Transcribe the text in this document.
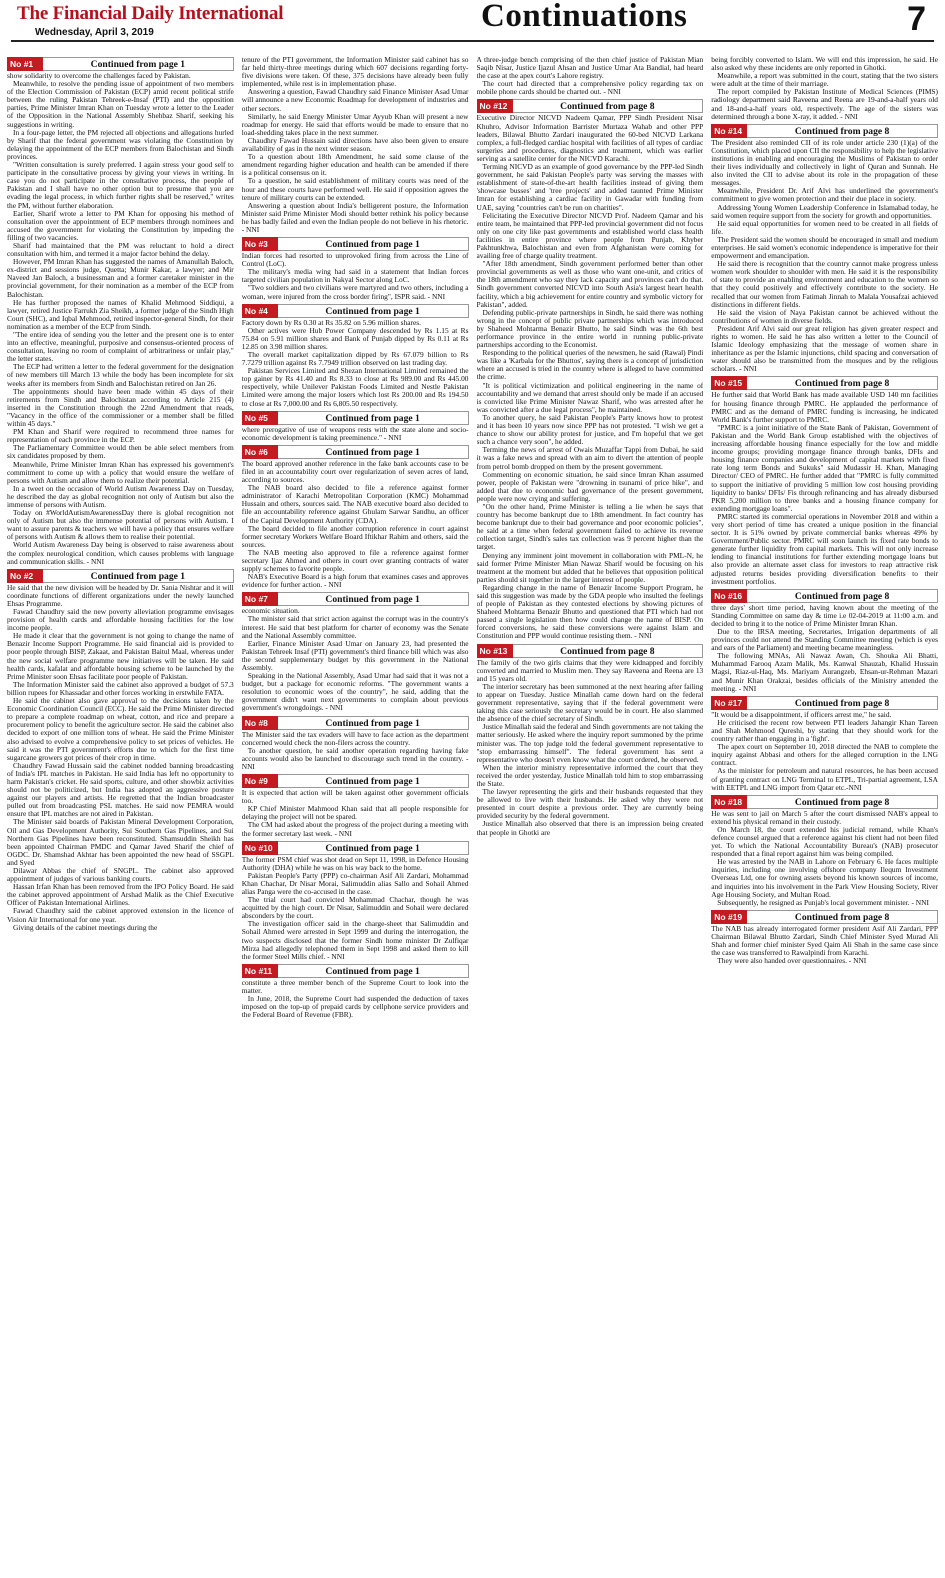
The Financial Daily International
Wednesday, April 3, 2019	Continuations	7
No #1	Continued from page 1

show solidarity to overcome the challenges faced by Pakistan.

Meanwhile, to resolve the pending issue of appointment of two members of the Election Commission of Pakistan (ECP) amid recent political strife between the ruling Pakistan Tehreek-e-Insaf (PTI) and the opposition parties, Prime Minister Imran Khan on Tuesday wrote a letter to the Leader of the Opposition in the National Assembly Shehbaz Sharif, seeking his suggestions in writing.

In a four-page letter, the PM rejected all objections and allegations hurled by Sharif that the federal government was violating the Constitution by delaying the appointment of the ECP members from Balochistan and Sindh provinces.

"Written consultation is surely preferred. I again stress your good self to participate in the consultative process by giving your views in writing. In case you do not participate in the consultative process, the people of Pakistan and I shall have no other option but to presume that you are evading the legal process, in which further rights shall be reserved," writes the PM, without further elaboration.

Earlier, Sharif wrote a letter to PM Khan for opposing his method of consultation over the appointment of ECP members through nominees and accused the government for violating the Constitution by impeding the filling of two vacancies.

Sharif had maintained that the PM was reluctant to hold a direct consultation with him, and termed it a major factor behind the delay.

However, PM Imran Khan has suggested the names of Amanullah Baloch, ex-district and sessions judge, Quetta; Munir Kakar, a lawyer; and Mir Naveed Jan Baloch, a businessman and a former caretaker minister in the provincial government, for their nomination as a member of the ECP from Balochistan.

He has further proposed the names of Khalid Mehmood Siddiqui, a lawyer, retired Justice Farrukh Zia Sheikh, a former judge of the Sindh High Court (SHC), and Iqbal Mehmood, retired inspector-general Sindh, for their nomination as a member of the ECP from Sindh.

"The entire idea of sending you the letter and the present one is to enter into an effective, meaningful, purposive and consensus-oriented process of consultation, leaving no room of complaint of arbitrariness or unfair play," the letter states.

The ECP had written a letter to the federal government for the designation of new members till March 13 while the body has been incomplete for six weeks after its members from Sindh and Balochistan retired on Jan 26.

The appointments should have been made within 45 days of their retirements from Sindh and Balochistan according to Article 215 (4) inserted in the Constitution through the 22nd Amendment that reads, "Vacancy in the office of the commissioner or a member shall be filled within 45 days."

PM Khan and Sharif were required to recommend three names for representation of each province in the ECP.

The Parliamentary Committee would then be able select members from six candidates proposed by them.

Meanwhile, Prime Minister Imran Khan has expressed his government's commitment to come up with a policy that would ensure the welfare of persons with Autism and allow them to realize their potential.

In a tweet on the occasion of World Autism Awareness Day on Tuesday, he described the day as global recognition not only of Autism but also the immense of persons with Autism.

Today on #WorldAutismAwarenessDay there is global recognition not only of Autism but also the immense potential of persons with Autism. I want to assure parents & teachers we will have a policy that ensures welfare of persons with Autism & allows them to realise their potential.

World Autism Awareness Day being is observed to raise awareness about the complex neurological condition, which causes problems with language and communication skills. - NNI

No #2	Continued from page 1

He said that the new division will be headed by Dr. Sania Nishtar and it will coordinate functions of different organizations under the newly launched Ehsas Programme.

Fawad Chaudhry said the new poverty alleviation programme envisages provision of health cards and affordable housing facilities for the low income people.

He made it clear that the government is not going to change the name of Benazir Income Support Programme. He said financial aid is provided to poor people through BISP, Zakaat, and Pakistan Baitul Maal, whereas under the new social welfare programme new initiatives will be taken. He said health cards, kafalat and affordable housing scheme to be launched by the Prime Minister soon Ehsas facilitate poor people of Pakistan.

The Information Minister said the cabinet also approved a budget of 57.3 billion rupees for Khassadar and other forces working in erstwhile FATA.

He said the cabinet also gave approval to the decisions taken by the Economic Coordination Council (ECC). He said the Prime Minister directed to prepare a complete roadmap on wheat, cotton, and rice and prepare a procurement policy to benefit the agriculture sector. He said the cabinet also decided to export of one million tons of wheat. He said the Prime Minister also advised to evolve a comprehensive policy to set prices of vehicles. He said it was the PTI government's efforts due to which for the first time sugarcane growers got prices of their crop in time.

Chaudhry Fawad Hussain said the cabinet nodded banning broadcasting of India's IPL matches in Pakistan. He said India has left no opportunity to harm Pakistan's cricket. He said sports, culture, and other showbiz activities should not be politicized, but India has adopted an aggressive posture against our players and artists. He regretted that the Indian broadcaster pulled out from broadcasting PSL matches. He said now PEMRA would ensure that IPL matches are not aired in Pakistan.

The Minister said boards of Pakistan Mineral Development Corporation, Oil and Gas Development Authority, Sui Southern Gas Pipelines, and Sui Northern Gas Pipelines have been reconstituted. Shamsuddin Sheikh has been appointed Chairman PMDC and Qamar Javed Sharif the chief of OGDC. Dr. Shamshad Akhtar has been appointed the new head of SSGPL and Syed

Dilawar Abbas the chief of SNGPL. The cabinet also approved appointment of judges of various banking courts.

Hassan Irfan Khan has been removed from the IPO Policy Board. He said the cabinet approved appointment of Arshad Malik as the Chief Executive Officer of Pakistan International Airlines.

Fawad Chaudhry said the cabinet approved extension in the licence of Vision Air International for one year.

Giving details of the cabinet meetings during the

tenure of the PTI government, the Information Minister said cabinet has so far held thirty-three meetings during which 607 decisions regarding forty-five divisions were taken. Of these, 375 decisions have already been fully implemented, while rest is in implementation phase.

Answering a question, Fawad Chaudhry said Finance Minister Asad Umar will announce a new Economic Roadmap for development of industries and other sectors.

Similarly, he said Energy Minister Umar Ayyub Khan will present a new roadmap for energy. He said that efforts would be made to ensure that no load-shedding takes place in the next summer.

Chaudhry Fawad Hussain said directions have also been given to ensure availability of gas in the next winter season.

To a question about 18th Amendment, he said some clause of the amendment regarding higher education and health can be amended if there is a political consensus on it.

To a question, he said establishment of military courts was need of the hour and these courts have performed well. He said if opposition agrees the tenure of military courts can be extended.

Answering a question about India's belligerent posture, the Information Minister said Prime Minister Modi should better rethink his policy because he has badly failed and even the Indian people do not believe in his rhetoric. - NNI

No #3	Continued from page 1

Indian forces had resorted to unprovoked firing from across the Line of Control (LoC).

The military's media wing had said in a statement that Indian forces targeted civilian population in Nakyal Sector along LoC.

"Two soldiers and two civilians were martyred and two others, including a woman, were injured from the cross border firing", ISPR said. - NNI

No #4	Continued from page 1

Factory down by Rs 0.30 at Rs 35.82 on 5.96 million shares.

Other actives were Hub Power Company descended by Rs 1.15 at Rs 75.84 on 5.91 million shares and Bank of Punjab dipped by Rs 0.11 at Rs 12.85 on 3.98 million shares.

The overall market capitalization dipped by Rs 67.079 billion to Rs 7.7279 trillion against Rs 7.7949 trillion observed on last trading day.

Pakistan Services Limited and Shezan International Limited remained the top gainer by Rs 41.40 and Rs 8.33 to close at Rs 989.00 and Rs 445.00 respectively, while Unilever Pakistan Foods Limited and Nestle Pakistan Limited were among the major losers which lost Rs 200.00 and Rs 194.50 to close at Rs 7,000.00 and Rs 6,805.50 respectively.

No #5	Continued from page 1

where prerogative of use of weapons rests with the state alone and socio-economic development is taking preeminence." - NNI

No #6	Continued from page 1

The board approved another reference in the fake bank accounts case to be filed in an accountability court over regularization of seven acres of land, according to sources.

The NAB board also decided to file a reference against former administrator of Karachi Metropolitan Corporation (KMC) Mohammad Hussain and others, sources said. The NAB executive board also decided to file an accountability reference against Ghulam Sarwar Sandhu, an officer of the Capital Development Authority (CDA).

The board decided to file another corruption reference in court against former secretary Workers Welfare Board Iftikhar Rahim and others, said the sources.

The NAB meeting also approved to file a reference against former secretary Ijaz Ahmed and others in court over granting contracts of water supply schemes to favorite people.

NAB's Executive Board is a high forum that examines cases and approves evidence for further action. - NNI

No #7	Continued from page 1

economic situation.

The minister said that strict action against the corrupt was in the country's interest. He said that best platform for charter of economy was the Senate and the National Assembly committee.

Earlier, Finance Minister Asad Umar on January 23, had presented the Pakistan Tehreek Insaf (PTI) government's third finance bill which was also the second supplementary budget by this government in the National Assembly.

Speaking in the National Assembly, Asad Umar had said that it was not a budget, but a package for economic reforms. "The government wants a resolution to economic woes of the country", he said, adding that the government didn't want next governments to complain about previous government's wrongdoings. - NNI

No #8	Continued from page 1

The Minister said the tax evaders will have to face action as the department concerned would check the non-filers across the country.

To another question, he said another operation regarding having fake accounts would also be launched to discourage such trend in the country. - NNI

No #9	Continued from page 1

It is expected that action will be taken against other government officials too.

KP Chief Minister Mahmood Khan said that all people responsible for delaying the project will not be spared.

The CM had asked about the progress of the project during a meeting with the former secretary last week. - NNI

No #10	Continued from page 1

The former PSM chief was shot dead on Sept 11, 1998, in Defence Housing Authority (DHA) while he was on his way back to the home.

Pakistan People's Party (PPP) co-chairman Asif Ali Zardari, Mohammad Khan Chachar, Dr Nisar Morai, Salimuddin alias Sallo and Sohail Ahmed alias Panga were the co-accused in the case.

The trial court had convicted Mohammad Chachar, though he was acquitted by the high court. Dr Nisar, Salimuddin and Sohail were declared absconders by the court.

The investigation officer said in the charge-sheet that Salimuddin and Sohail Ahmed were arrested in Sept 1999 and during the interrogation, the two suspects disclosed that the former Sindh home minister Dr Zulfiqar Mirza had allegedly telephoned them in Sept 1998 and asked them to kill the former Steel Mills chief. - NNI

No #11	Continued from page 1

constitute a three member bench of the Supreme Court to look into the matter.

In June, 2018, the Supreme Court had suspended the deduction of taxes imposed on the top-up of prepaid cards by cellphone service providers and the Federal Board of Revenue (FBR).

A three-judge bench comprising of the then chief justice of Pakistan Mian Saqib Nisar, Justice Ijazul Ahsan and Justice Umar Ata Bandial, had heard the case at the apex court's Lahore registry.

The court had directed that a comprehensive policy regarding tax on mobile phone cards should be charted out. - NNI

No #12	Continued from page 8

Executive Director NICVD Nadeem Qamar, PPP Sindh President Nisar Khuhro, Advisor Information Barrister Murtaza Wahab and other PPP leaders, Bilawal Bhutto Zardari inaugurated the 60-bed NICVD Larkana complex, a full-fledged cardiac hospital with facilities of all types of cardiac surgeries and procedures, diagnostics and treatment, which was earlier serving as a satellite center for the NICVD Karachi.

Terming NICVD as an example of good governance by the PPP-led Sindh government, he said Pakistan People's party was serving the masses with establishment of state-of-the-art health facilities instead of giving them 'showcase busses' and 'tree projects' and added taunted Prime Minister Imran for establishing a cardiac facility in Gawadar with funding from UAE, saying "countries can't be run on charities".

Felicitating the Executive Director NICVD Prof. Nadeem Qamar and his entire team, he maintained that PPP-led provincial government did not focus only on one city like past governments and established world class health facilities in entire province where people from Punjab, Khyber Pakhtunkhwa, Balochistan and even from Afghanistan were coming for availing free of charge quality treatment.

"After 18th amendment, Sindh government performed better than other provincial governments as well as those who want one-unit, and critics of the 18th amendment who say they lack capacity and provinces can't do that. Sindh government converted NICVD into South Asia's largest heart health facility, which a big achievement for entire country and symbolic victory for Pakistan", added.

Defending public-private partnerships in Sindh, he said there was nothing wrong in the concept of public private partnerships which was introduced by Shaheed Mohtarma Benazir Bhutto, he said Sindh was the 6th best performance province in the entire world in running public-private partnerships according to the Economist.

Responding to the political queries of the newsmen, he said (Rawal) Pindi was like a 'Karbala for the Bhuttos', saying there is a concept of jurisdiction where an accused is tried in the country where is alleged to have committed the crime.

"It is political victimization and political engineering in the name of accountability and we demand that arrest should only be made if an accused is convicted like Prime Minister Nawaz Sharif, who was arrested after he was convicted after a due legal process", he maintained.

To another query, he said Pakistan People's Party knows how to protest and it has been 10 years now since PPP has not protested. "I wish we get a chance to show our ability protest for justice, and I'm hopeful that we get such a chance very soon", he added.

Terming the news of arrest of Owais Muzaffar Tappi from Dubai, he said it was a fake news and spread with an aim to divert the attention of people from petrol bomb dropped on them by the present government.

Commenting on economic situation, he said since Imran Khan assumed power, people of Pakistan were "drowning in tsunami of price hike", and added that due to economic bad governance of the present government, people were now crying and suffering.

"On the other hand, Prime Minister is telling a lie when he says that country has become bankrupt due to 18th amendment. In fact country has become bankrupt due to their bad governance and poor economic policies", he said at a time when federal government failed to achieve its revenue collection target, Sindh's sales tax collection was 9 percent higher than the target.

Denying any imminent joint movement in collaboration with PML-N, he said former Prime Minister Mian Nawaz Sharif would be focusing on his treatment at the moment but added that he believes that opposition political parties should sit together in the larger interest of people.

Regarding change in the name of Benazir Income Support Program, he said this suggestion was made by the GDA people who insulted the feelings of people of Pakistan as they contested elections by showing pictures of Shaheed Mohtarma Benazir Bhutto and questioned that PTI which had not passed a single legislation then how could change the name of BISP. On forced conversions, he said these conversions were against Islam and Constitution and PPP would continue resisting them. - NNI

No #13	Continued from page 8

The family of the two girls claims that they were kidnapped and forcibly converted and married to Muslim men. They say Raveena and Reena are 13 and 15 years old.

The interior secretary has been summoned at the next hearing after failing to appear on Tuesday. Justice Minallah came down hard on the federal government representative, saying that if the federal government were taking this case seriously the secretary would be in court. He also slammed the absence of the chief secretary of Sindh.

Justice Minallah said the federal and Sindh governments are not taking the matter seriously. He asked where the inquiry report summoned by the prime minister was. The top judge told the federal government representative to "stop embarrassing himself". The federal government has sent a representative who doesn't even know what the court ordered, he observed.

When the interior ministry representative informed the court that they received the order yesterday, Justice Minallah told him to stop embarrassing the State.

The lawyer representing the girls and their husbands requested that they be allowed to live with their husbands. He asked why they were not presented in court despite a previous order. They are currently being provided security by the federal government.

Justice Minallah also observed that there is an impression being created that people in Ghotki are

being forcibly converted to Islam. We will end this impression, he said. He also asked why these incidents are only reported in Ghotki.

Meanwhile, a report was submitted in the court, stating that the two sisters were adult at the time of their marriage.

The report compiled by Pakistan Institute of Medical Sciences (PIMS) radiology department said Raveena and Reena are 19-and-a-half years old and 18-and-a-half years old, respectively. The age of the sisters was determined through a bone X-ray, it added. - NNI

No #14	Continued from page 8

The President also reminded CII of its role under article 230 (1)(a) of the Constitution, which placed upon CII the responsibility to help the legislative institutions in enabling and encouraging the Muslims of Pakistan to order their lives individually and collectively in light of Quran and Sunnah. He also invited the CII to advise about its role in the propagation of these messages.

Meanwhile, President Dr. Arif Alvi has underlined the government's commitment to give women protection and their due place in society.

Addressing Young Women Leadership Conference in Islamabad today, he said women require support from the society for growth and opportunities.

He said equal opportunities for women need to be created in all fields of life.

The President said the women should be encouraged in small and medium enterprises. He said women's economic independence is imperative for their empowerment and emancipation.

He said there is recognition that the country cannot make progress unless women work shoulder to shoulder with men. He said it is the responsibility of state to provide an enabling environment and education to the women so that they could positively and effectively contribute to the society. He recalled that our women from Fatimah Jinnah to Malala Yousafzai achieved distinctions in different fields.

He said the vision of Naya Pakistan cannot be achieved without the contributions of women in diverse fields.

President Arif Alvi said our great religion has given greater respect and rights to women. He said he has also written a letter to the Council of Islamic Ideology emphasizing that the message of women share in inheritance as per the Islamic injunctions, child spacing and conversation of water should also be transmitted from the mosques and by the religious scholars. - NNI

No #15	Continued from page 8

He further said that World Bank has made available USD 140 mn facilities for housing finance through PMRC. He applauded the performance of PMRC and as the demand of PMRC funding is increasing, he indicated World Bank's further support to PMRC.

"PMRC is a joint initiative of the State Bank of Pakistan, Government of Pakistan and the World Bank Group established with the objectives of increasing affordable housing finance especially for the low and middle income groups; providing mortgage finance through banks, DFIs and housing finance companies and development of capital markets with fixed rate long term Bonds and Sukuks" said Mudassir H. Khan, Managing Director/ CEO of PMRC. He further added that "PMRC is fully committed to support the initiative of providing 5 million low cost housing providing liquidity to banks/ DFIs/ Fis through refinancing and has already disbursed PKR 5,200 million to three banks and a housing finance company for extending mortgage loans".

PMRC started its commercial operations in November 2018 and within a very short period of time has created a unique position in the financial sector. It is 51% owned by private commercial banks whereas 49% by Government/Public sector. PMRC will soon launch its fixed rate bonds to generate further liquidity from capital markets. This will not only increase lending to financial institutions for further extending mortgage loans but also provide an alternate asset class for investors to reap attractive risk adjusted returns besides providing diversification benefits to their investment portfolios.

No #16	Continued from page 8

three days' short time period, having known about the meeting of the Standing Committee on same day & time i.e 02-04-2019 at 11:00 a.m. and decided to bring it to the notice of Prime Minister Imran Khan.

Due to the IRSA meeting, Secretaries, Irrigation departments of all provinces could not attend the Standing Committee meeting (which is eyes and ears of the Parliament) and meeting became meaningless.

The following MNAs, Ali Nawaz Awan, Ch. Shouka Ali Bhatti, Muhammad Farooq Azam Malik, Ms. Kanwal Shauzab, Khalid Hussain Magsi, Riaz-ul-Haq, Ms. Mariyam Aurangzeb, Ehsan-ur-Rehman Mazari and Munir Khan Orakzai, besides officials of the Ministry attended the meeting. - NNI

No #17	Continued from page 8

"It would be a disappointment, if officers arrest me," he said.

He criticised the recent row between PTI leaders Jahangir Khan Tareen and Shah Mehmood Qureshi, by stating that they should work for the country rather than engaging in a 'fight'.

The apex court on September 10, 2018 directed the NAB to complete the inquiry against Abbasi and others for the alleged corruption in the LNG contract.

As the minister for petroleum and natural resources, he has been accused of granting contract on LNG Terminal to ETPL, Tri-partial agreement, LSA with EETPL and LNG import from Qatar etc.-NNI

No #18	Continued from page 8

He was sent to jail on March 5 after the court dismissed NAB's appeal to extend his physical remand in their custody.

On March 18, the court extended his judicial remand, while Khan's defence counsel argued that a reference against his client had not been filed yet. To which the National Accountability Bureau's (NAB) prosecutor responded that a final report against him was being compiled.

He was arrested by the NAB in Lahore on February 6. He faces multiple inquiries, including one involving offshore company Ilequm Investment Overseas Ltd, one for owning assets beyond his known sources of income, and inquiries into his involvement in the Park View Housing Society, River Age Housing Society, and Multan Road.

Subsequently, he resigned as Punjab's local government minister. - NNI

No #19	Continued from page 8

The NAB has already interrogated former president Asif Ali Zardari, PPP Chairman Bilawal Bhutto Zardari, Sindh Chief Minister Syed Murad Ali Shah and former chief minister Syed Qaim Ali Shah in the same case since the case was transferred to Rawalpindi from Karachi.

They were also handed over questionnaires. - NNI
